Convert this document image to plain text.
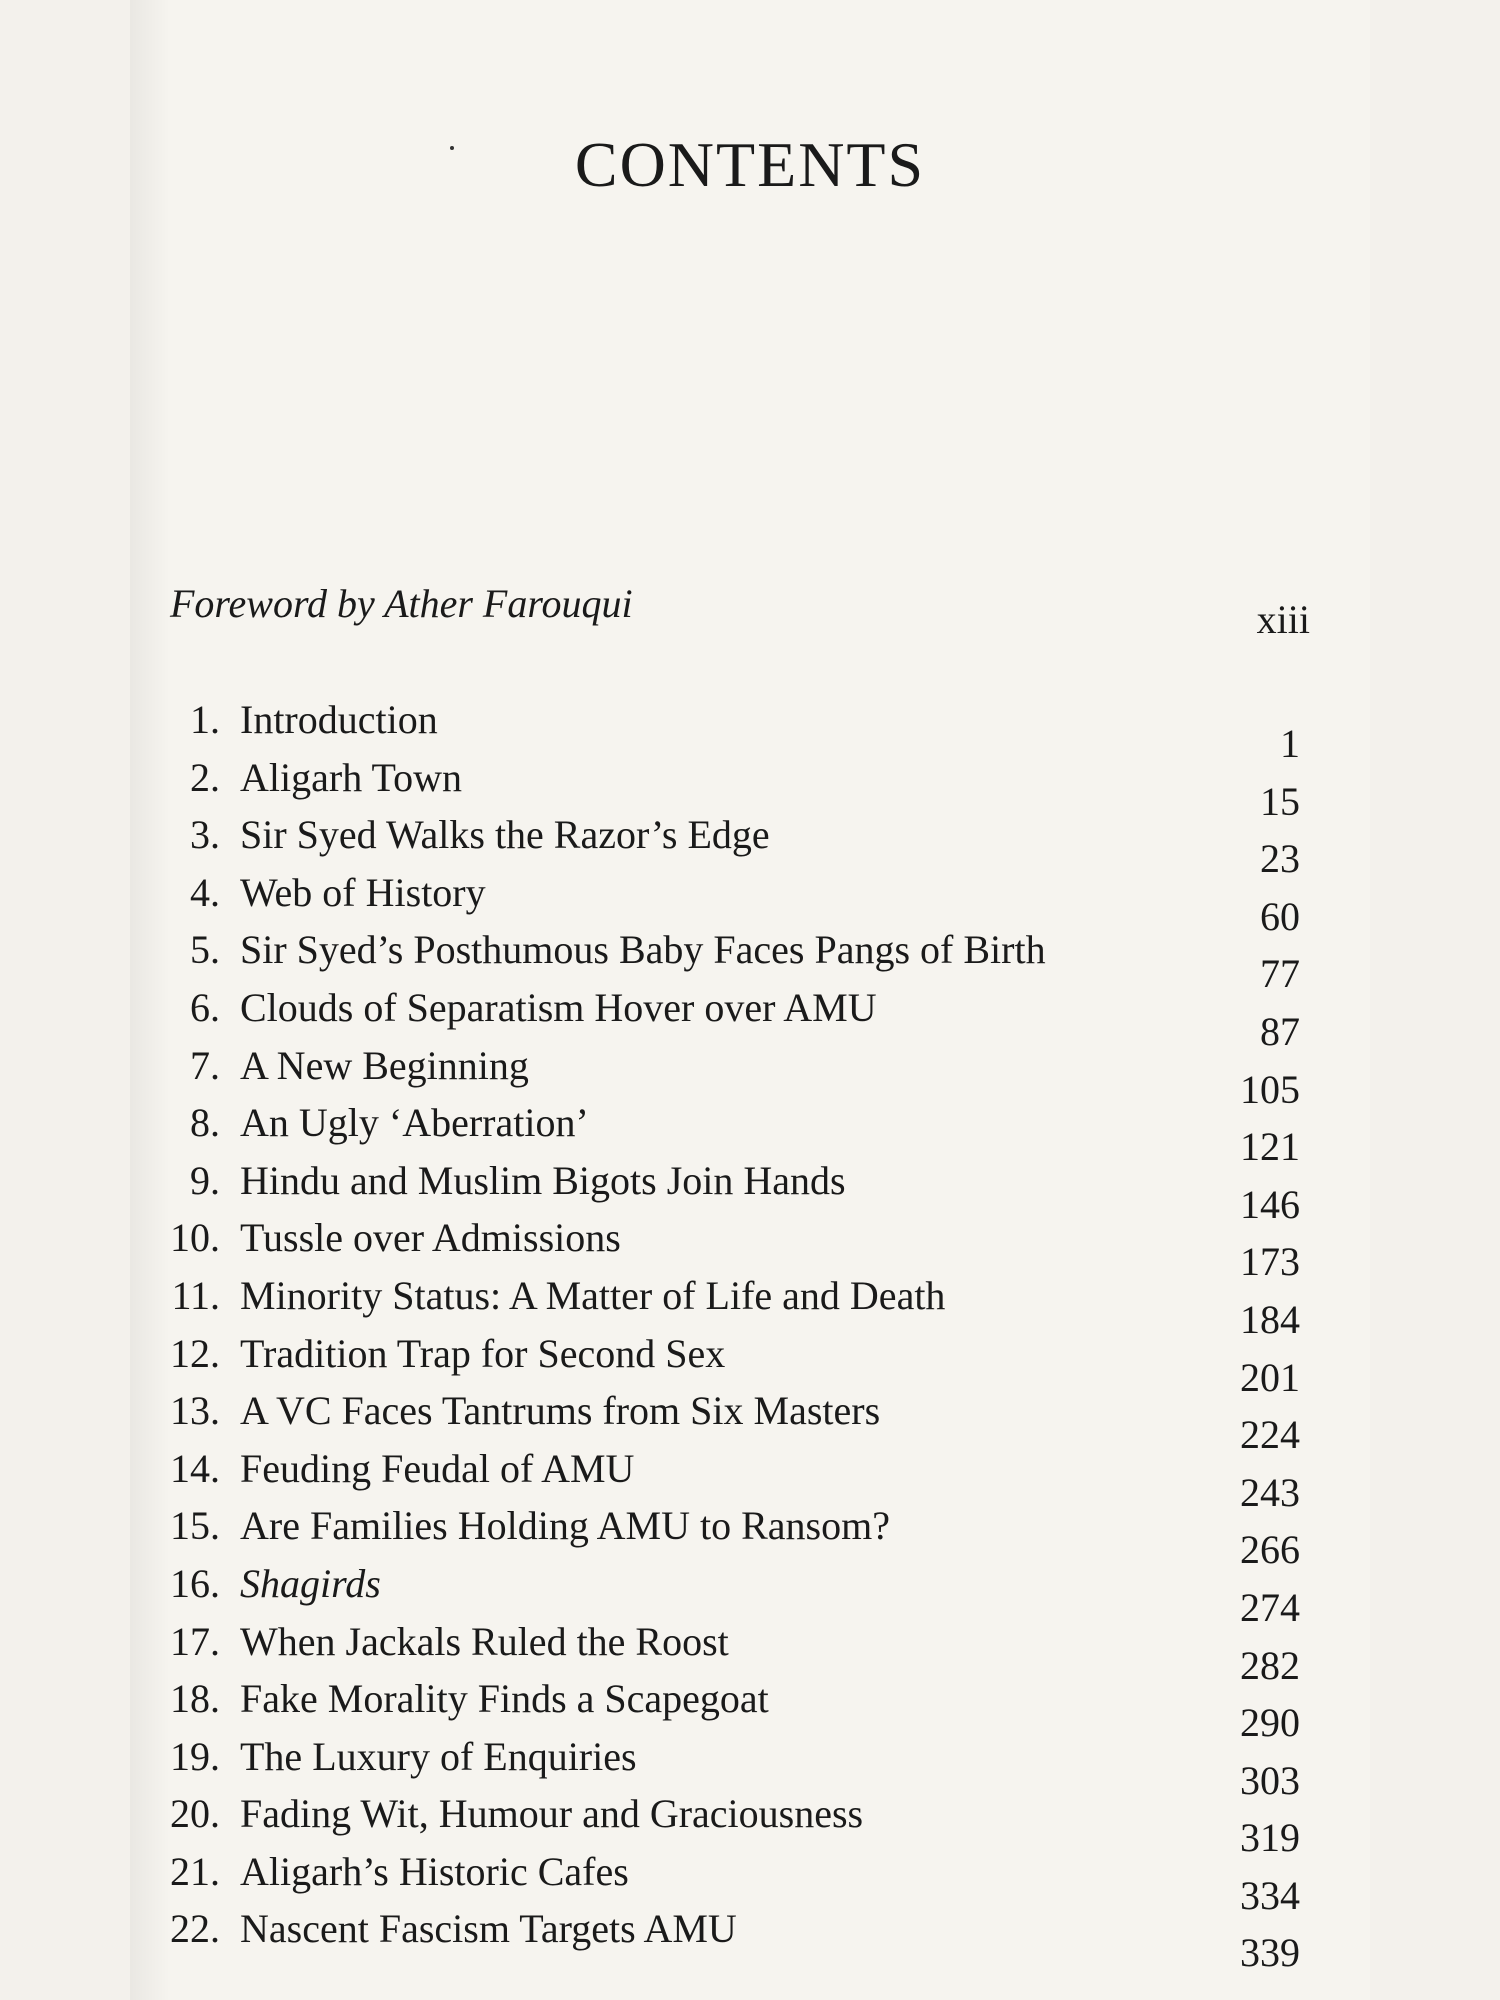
CONTENTS
Foreword by Ather Farouqui	xiii
1. Introduction
1
2. Aligarh Town
15
3. Sir Syed Walks the Razor’s Edge
23
4. Web of History
60
5. Sir Syed’s Posthumous Baby Faces Pangs of Birth
77
6. Clouds of Separatism Hover over AMU
87
7. A New Beginning
105
8. An Ugly ‘Aberration’
121
9. Hindu and Muslim Bigots Join Hands
146
10. Tussle over Admissions
173
11. Minority Status: A Matter of Life and Death
184
12. Tradition Trap for Second Sex
201
13. A VC Faces Tantrums from Six Masters
224
14. Feuding Feudal of AMU
243
15. Are Families Holding AMU to Ransom?
266
16. Shagirds
274
17. When Jackals Ruled the Roost
282
18. Fake Morality Finds a Scapegoat
290
19. The Luxury of Enquiries
303
20. Fading Wit, Humour and Graciousness
319
21. Aligarh’s Historic Cafes
334
22. Nascent Fascism Targets AMU
339
